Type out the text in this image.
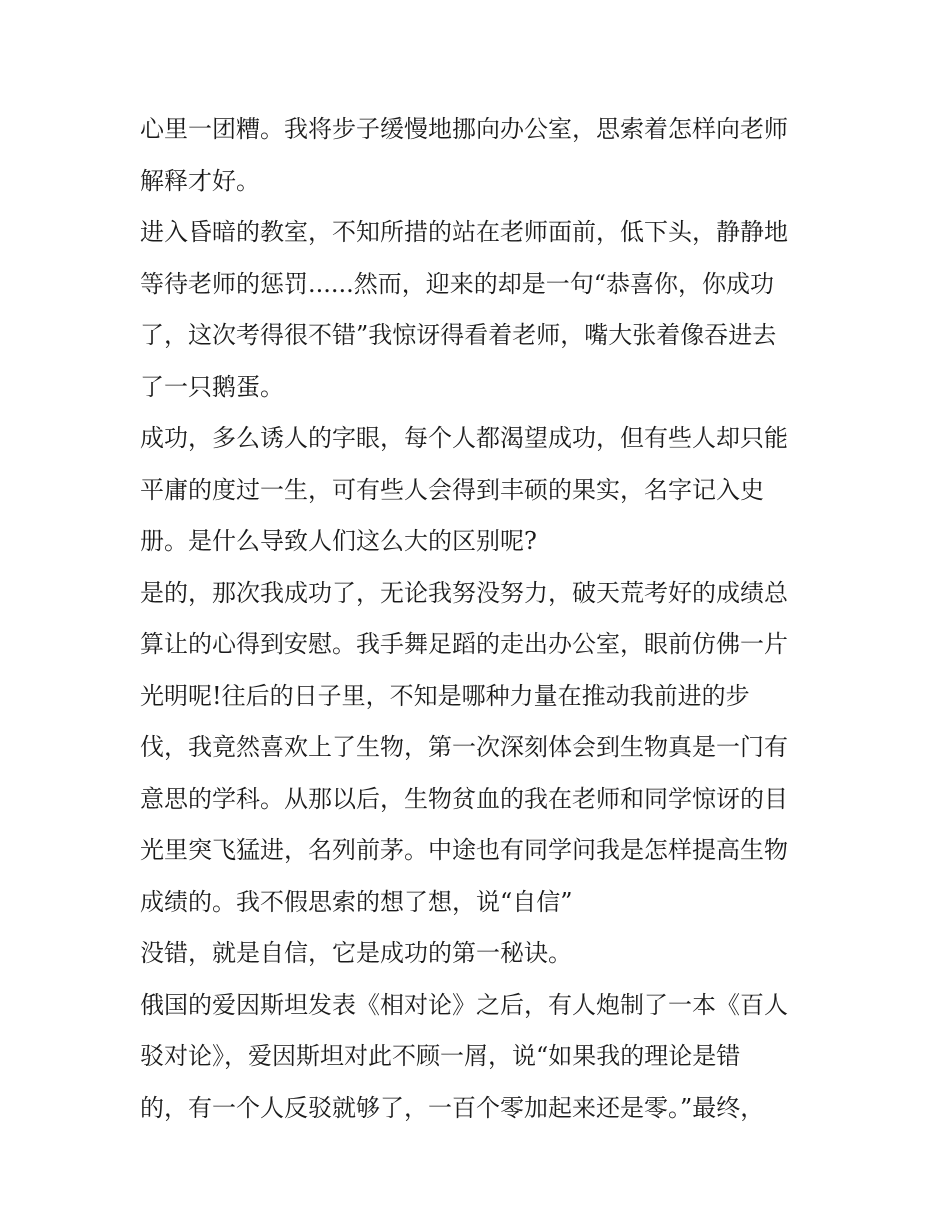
心里一团糟。我将步子缓慢地挪向办公室，思索着怎样向老师
解释才好。
进入昏暗的教室，不知所措的站在老师面前，低下头，静静地
等待老师的惩罚......然而，迎来的却是一句“恭喜你，你成功
了，这次考得很不错”我惊讶得看着老师，嘴大张着像吞进去
了一只鹅蛋。
成功，多么诱人的字眼，每个人都渴望成功，但有些人却只能
平庸的度过一生，可有些人会得到丰硕的果实，名字记入史
册。是什么导致人们这么大的区别呢?
是的，那次我成功了，无论我努没努力，破天荒考好的成绩总
算让的心得到安慰。我手舞足蹈的走出办公室，眼前仿佛一片
光明呢!往后的日子里，不知是哪种力量在推动我前进的步
伐，我竟然喜欢上了生物，第一次深刻体会到生物真是一门有
意思的学科。从那以后，生物贫血的我在老师和同学惊讶的目
光里突飞猛进，名列前茅。中途也有同学问我是怎样提高生物
成绩的。我不假思索的想了想，说“自信”
没错，就是自信，它是成功的第一秘诀。
俄国的爱因斯坦发表《相对论》之后，有人炮制了一本《百人
驳对论》，爱因斯坦对此不顾一屑，说“如果我的理论是错
的，有一个人反驳就够了，一百个零加起来还是零。”最终，
